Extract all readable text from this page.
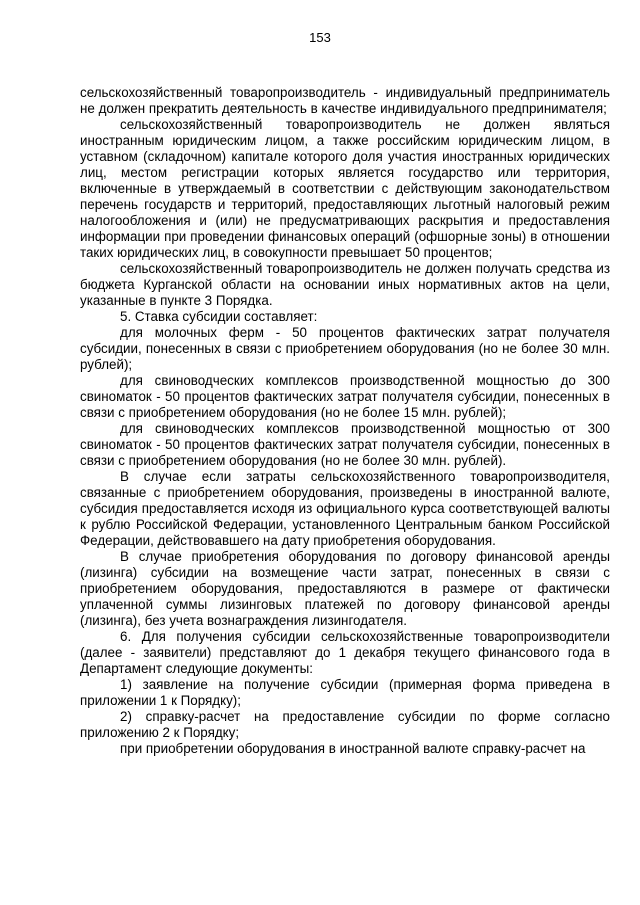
153

сельскохозяйственный товаропроизводитель - индивидуальный предприниматель не должен прекратить деятельность в качестве индивидуального предпринимателя;

сельскохозяйственный товаропроизводитель не должен являться иностранным юридическим лицом, а также российским юридическим лицом, в уставном (складочном) капитале которого доля участия иностранных юридических лиц, местом регистрации которых является государство или территория, включенные в утверждаемый в соответствии с действующим законодательством перечень государств и территорий, предоставляющих льготный налоговый режим налогообложения и (или) не предусматривающих раскрытия и предоставления информации при проведении финансовых операций (офшорные зоны) в отношении таких юридических лиц, в совокупности превышает 50 процентов;

сельскохозяйственный товаропроизводитель не должен получать средства из бюджета Курганской области на основании иных нормативных актов на цели, указанные в пункте 3 Порядка.

5. Ставка субсидии составляет:

для молочных ферм - 50 процентов фактических затрат получателя субсидии, понесенных в связи с приобретением оборудования (но не более 30 млн. рублей);

для свиноводческих комплексов производственной мощностью до 300 свиноматок - 50 процентов фактических затрат получателя субсидии, понесенных в связи с приобретением оборудования (но не более 15 млн. рублей);

для свиноводческих комплексов производственной мощностью от 300 свиноматок - 50 процентов фактических затрат получателя субсидии, понесенных в связи с приобретением оборудования (но не более 30 млн. рублей).

В случае если затраты сельскохозяйственного товаропроизводителя, связанные с приобретением оборудования, произведены в иностранной валюте, субсидия предоставляется исходя из официального курса соответствующей валюты к рублю Российской Федерации, установленного Центральным банком Российской Федерации, действовавшего на дату приобретения оборудования.

В случае приобретения оборудования по договору финансовой аренды (лизинга) субсидии на возмещение части затрат, понесенных в связи с приобретением оборудования, предоставляются в размере от фактически уплаченной суммы лизинговых платежей по договору финансовой аренды (лизинга), без учета вознаграждения лизингодателя.

6. Для получения субсидии сельскохозяйственные товаропроизводители (далее - заявители) представляют до 1 декабря текущего финансового года в Департамент следующие документы:

1) заявление на получение субсидии (примерная форма приведена в приложении 1 к Порядку);

2) справку-расчет на предоставление субсидии по форме согласно приложению 2 к Порядку;

при приобретении оборудования в иностранной валюте справку-расчет на
